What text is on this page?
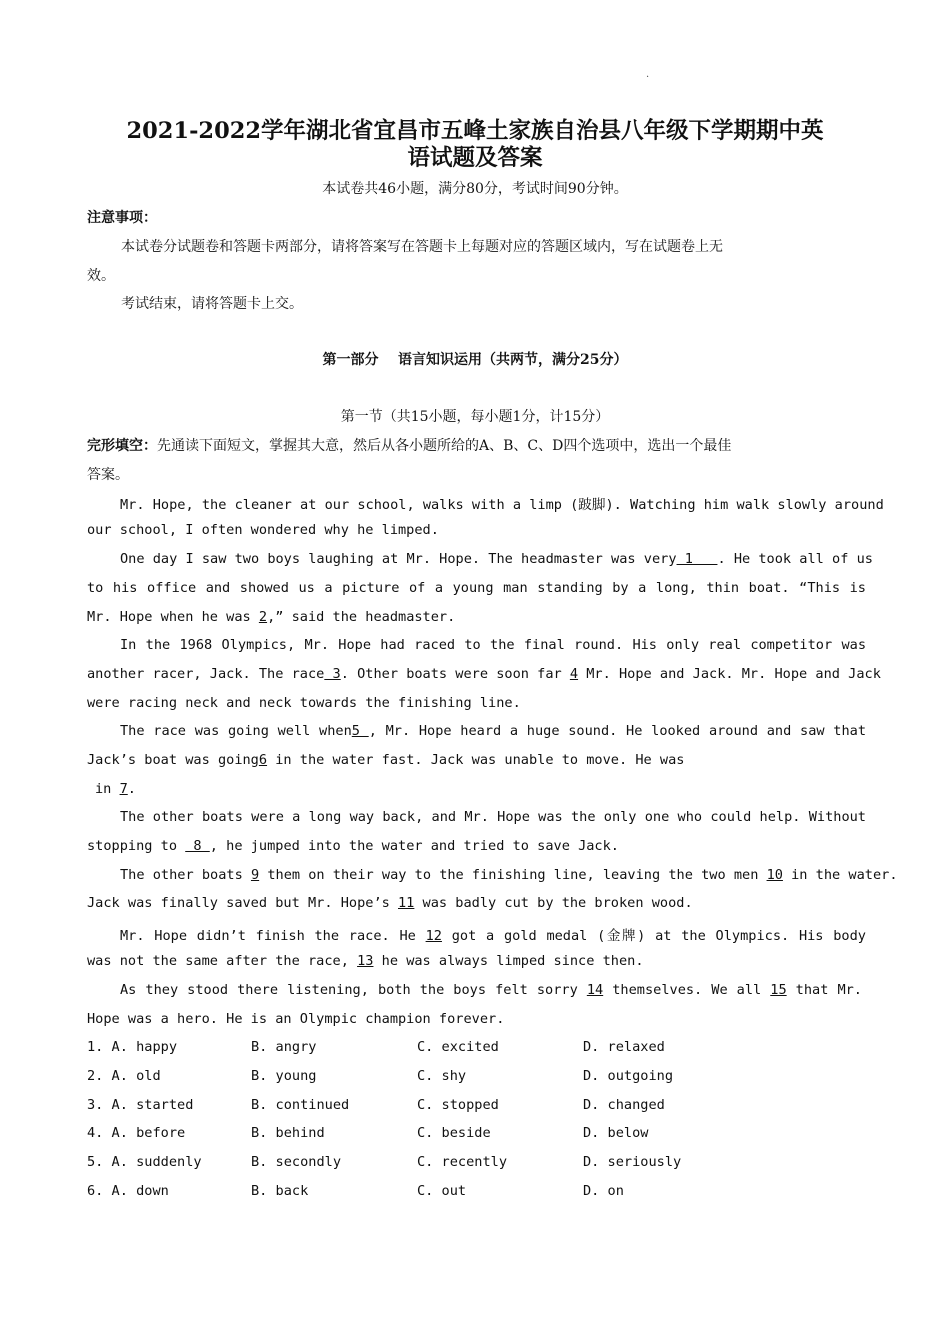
·
2021-2022学年湖北省宜昌市五峰土家族自治县八年级下学期期中英
语试题及答案
本试卷共46小题，满分80分，考试时间90分钟。
注意事项：
本试卷分试题卷和答题卡两部分，请将答案写在答题卡上每题对应的答题区域内，写在试题卷上无
效。
考试结束，请将答题卡上交。
第一部分    语言知识运用（共两节，满分25分）
第一节（共15小题，每小题1分，计15分）
完形填空：先通读下面短文，掌握其大意，然后从各小题所给的A、B、C、D四个选项中，选出一个最佳
答案。
Mr. Hope, the cleaner at our school, walks with a limp (跛脚). Watching him walk slowly around
our school, I often wondered why he limped.
One day I saw two boys laughing at Mr. Hope. The headmaster was very 1   . He took all of us
to his office and showed us a picture of a young man standing by a long, thin boat. “This is
Mr. Hope when he was 2,” said the headmaster.
In the 1968 Olympics, Mr. Hope had raced to the final round. His only real competitor was
another racer, Jack. The race 3. Other boats were soon far 4 Mr. Hope and Jack. Mr. Hope and Jack
were racing neck and neck towards the finishing line.
The race was going well when5 , Mr. Hope heard a huge sound. He looked around and saw that
Jack’s boat was going6 in the water fast. Jack was unable to move. He was
in 7.
The other boats were a long way back, and Mr. Hope was the only one who could help. Without
stopping to  8 , he jumped into the water and tried to save Jack.
The other boats 9 them on their way to the finishing line, leaving the two men 10 in the water.
Jack was finally saved but Mr. Hope’s 11 was badly cut by the broken wood.
Mr. Hope didn’t finish the race. He 12 got a gold medal (金牌) at the Olympics. His body
was not the same after the race, 13 he was always limped since then.
As they stood there listening, both the boys felt sorry 14 themselves. We all 15 that Mr.
Hope was a hero. He is an Olympic champion forever.
1. A. happy	B. angry	C. excited	D. relaxed
2. A. old	B. young	C. shy	D. outgoing
3. A. started	B. continued	C. stopped	D. changed
4. A. before	B. behind	C. beside	D. below
5. A. suddenly	B. secondly	C. recently	D. seriously
6. A. down	B. back	C. out	D. on
